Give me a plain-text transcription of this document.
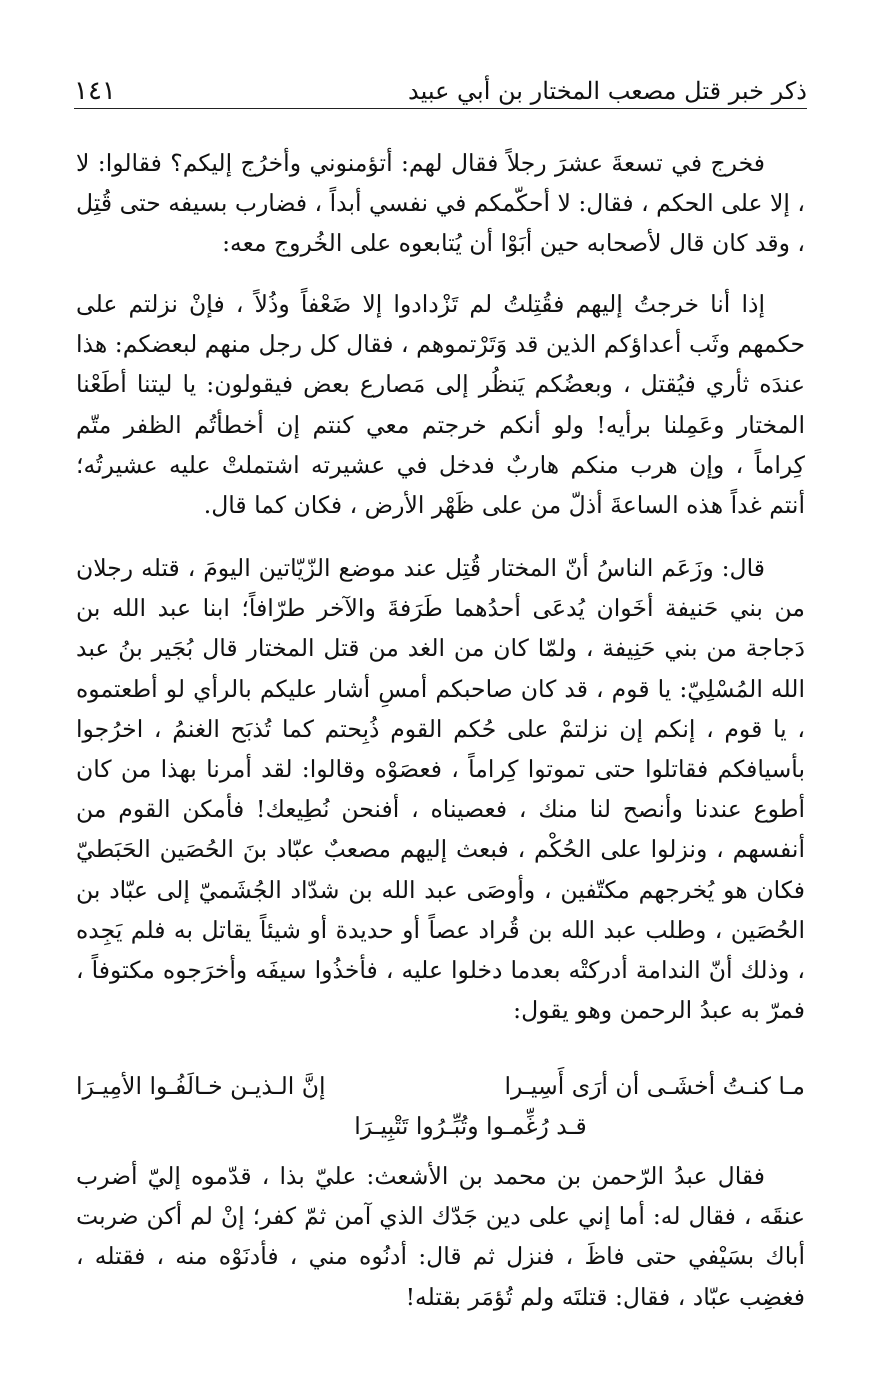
ذكر خبر قتل مصعب المختار بن أبي عبيد
١٤١

فخرج في تسعةَ عشرَ رجلاً فقال لهم: أتؤمنوني وأخرُج إليكم؟ فقالوا: لا ، إلا على الحكم ، فقال: لا أحكّمكم في نفسي أبداً ، فضارب بسيفه حتى قُتِل ، وقد كان قال لأصحابه حين أبَوْا أن يُتابعوه على الخُروج معه:

إذا أنا خرجتُ إليهم فقُتِلتُ لم تَزْدادوا إلا ضَعْفاً وذُلاً ، فإنْ نزلتم على حكمهم وثَب أعداؤكم الذين قد وَتَرْتموهم ، فقال كل رجل منهم لبعضكم: هذا عندَه ثأري فيُقتل ، وبعضُكم يَنظُر إلى مَصارع بعض فيقولون: يا ليتنا أطَعْنا المختار وعَمِلنا برأيه! ولو أنكم خرجتم معي كنتم إن أخطأتُم الظفر متّم كِراماً ، وإن هرب منكم هاربٌ فدخل في عشيرته اشتملتْ عليه عشيرتُه؛ أنتم غداً هذه الساعةَ أذلّ من على ظَهْر الأرض ، فكان كما قال.

قال: وزَعَم الناسُ أنّ المختار قُتِل عند موضع الزّيّاتين اليومَ ، قتله رجلان من بني حَنيفة أخَوان يُدعَى أحدُهما طَرَفةَ والآخر طرّافاً؛ ابنا عبد الله بن دَجاجة من بني حَنِيفة ، ولمّا كان من الغد من قتل المختار قال بُجَير بنُ عبد الله المُسْلِيّ: يا قوم ، قد كان صاحبكم أمسِ أشار عليكم بالرأي لو أطعتموه ، يا قوم ، إنكم إن نزلتمْ على حُكم القوم ذُبِحتم كما تُذبَح الغنمُ ، اخرُجوا بأسيافكم فقاتلوا حتى تموتوا كِراماً ، فعصَوْه وقالوا: لقد أمرنا بهذا من كان أطوع عندنا وأنصح لنا منك ، فعصيناه ، أفنحن نُطِيعك! فأمكن القوم من أنفسهم ، ونزلوا على الحُكْم ، فبعث إليهم مصعبٌ عبّاد بنَ الحُصَين الحَبَطيّ فكان هو يُخرجهم مكتّفين ، وأوصَى عبد الله بن شدّاد الجُشَميّ إلى عبّاد بن الحُصَين ، وطلب عبد الله بن قُراد عصاً أو حديدة أو شيئاً يقاتل به فلم يَجِده ، وذلك أنّ الندامة أدركتْه بعدما دخلوا عليه ، فأخذُوا سيفَه وأخرَجوه مكتوفاً ، فمرّ به عبدُ الرحمن وهو يقول:

مـا كنـتُ أخشَـى أن أرَى أَسِيـرا
إنَّ الـذيـن خـالَفُـوا الأمِيـرَا
قـد رُغِّمـوا وتُبِّـرُوا تَتْبِيـرَا

فقال عبدُ الرّحمن بن محمد بن الأشعث: عليّ بذا ، قدّموه إليّ أضرب عنقَه ، فقال له: أما إني على دين جَدّك الذي آمن ثمّ كفر؛ إنْ لم أكن ضربت أباك بسَيْفي حتى فاظَ ، فنزل ثم قال: أدنُوه مني ، فأدنَوْه منه ، فقتله ، فغضِب عبّاد ، فقال: قتلتَه ولم تُؤمَر بقتله!
